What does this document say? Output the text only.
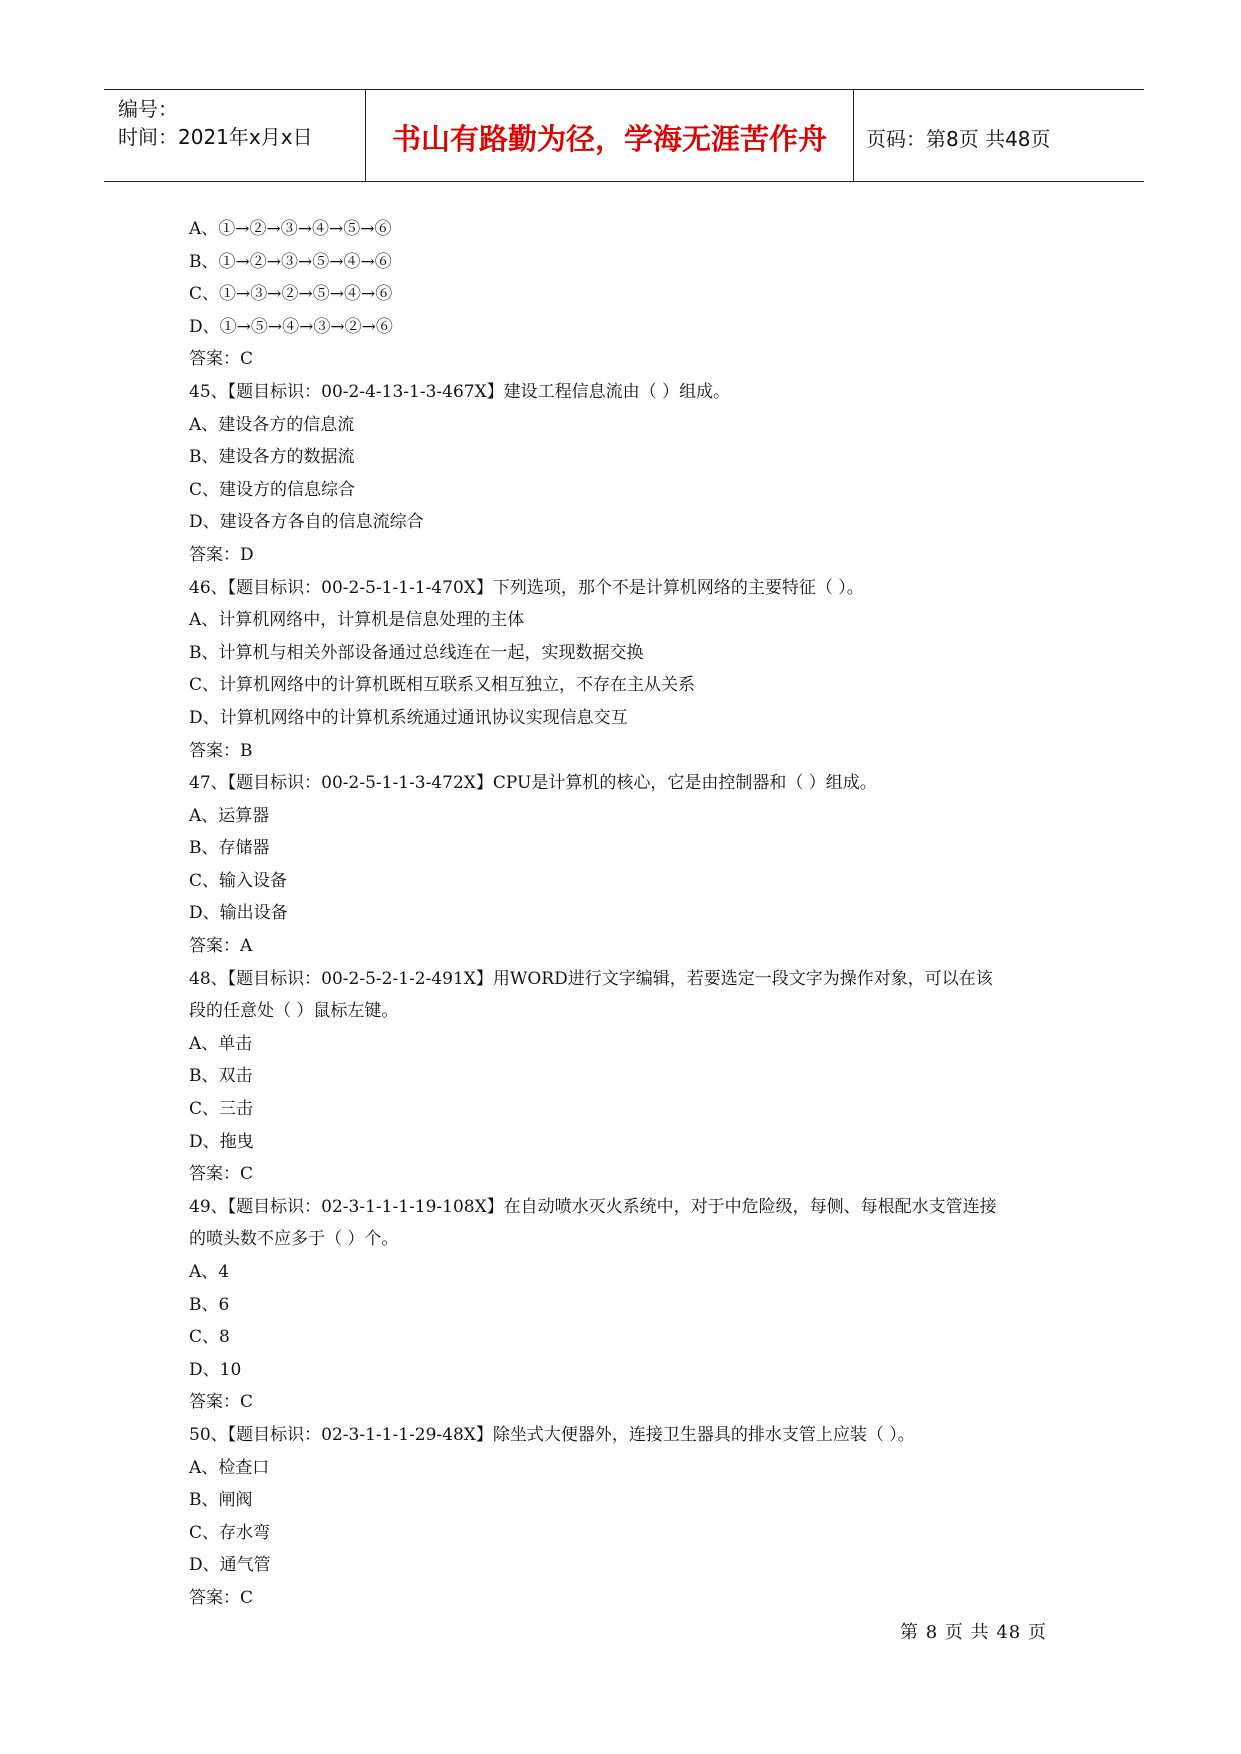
编号：
时间：2021年x月x日	书山有路勤为径，学海无涯苦作舟	页码：第8页 共48页
A、①→②→③→④→⑤→⑥
B、①→②→③→⑤→④→⑥
C、①→③→②→⑤→④→⑥
D、①→⑤→④→③→②→⑥
答案：C
45、【题目标识：00-2-4-13-1-3-467X】建设工程信息流由（ ）组成。
A、建设各方的信息流
B、建设各方的数据流
C、建设方的信息综合
D、建设各方各自的信息流综合
答案：D
46、【题目标识：00-2-5-1-1-1-470X】下列选项，那个不是计算机网络的主要特征（ ）。
A、计算机网络中，计算机是信息处理的主体
B、计算机与相关外部设备通过总线连在一起，实现数据交换
C、计算机网络中的计算机既相互联系又相互独立，不存在主从关系
D、计算机网络中的计算机系统通过通讯协议实现信息交互
答案：B
47、【题目标识：00-2-5-1-1-3-472X】CPU是计算机的核心，它是由控制器和（ ）组成。
A、运算器
B、存储器
C、输入设备
D、输出设备
答案：A
48、【题目标识：00-2-5-2-1-2-491X】用WORD进行文字编辑，若要选定一段文字为操作对象，可以在该
段的任意处（ ）鼠标左键。
A、单击
B、双击
C、三击
D、拖曳
答案：C
49、【题目标识：02-3-1-1-1-19-108X】在自动喷水灭火系统中，对于中危险级，每侧、每根配水支管连接
的喷头数不应多于（ ）个。
A、4
B、6
C、8
D、10
答案：C
50、【题目标识：02-3-1-1-1-29-48X】除坐式大便器外，连接卫生器具的排水支管上应装（ ）。
A、检查口
B、闸阀
C、存水弯
D、通气管
答案：C
第 8 页 共 48 页
